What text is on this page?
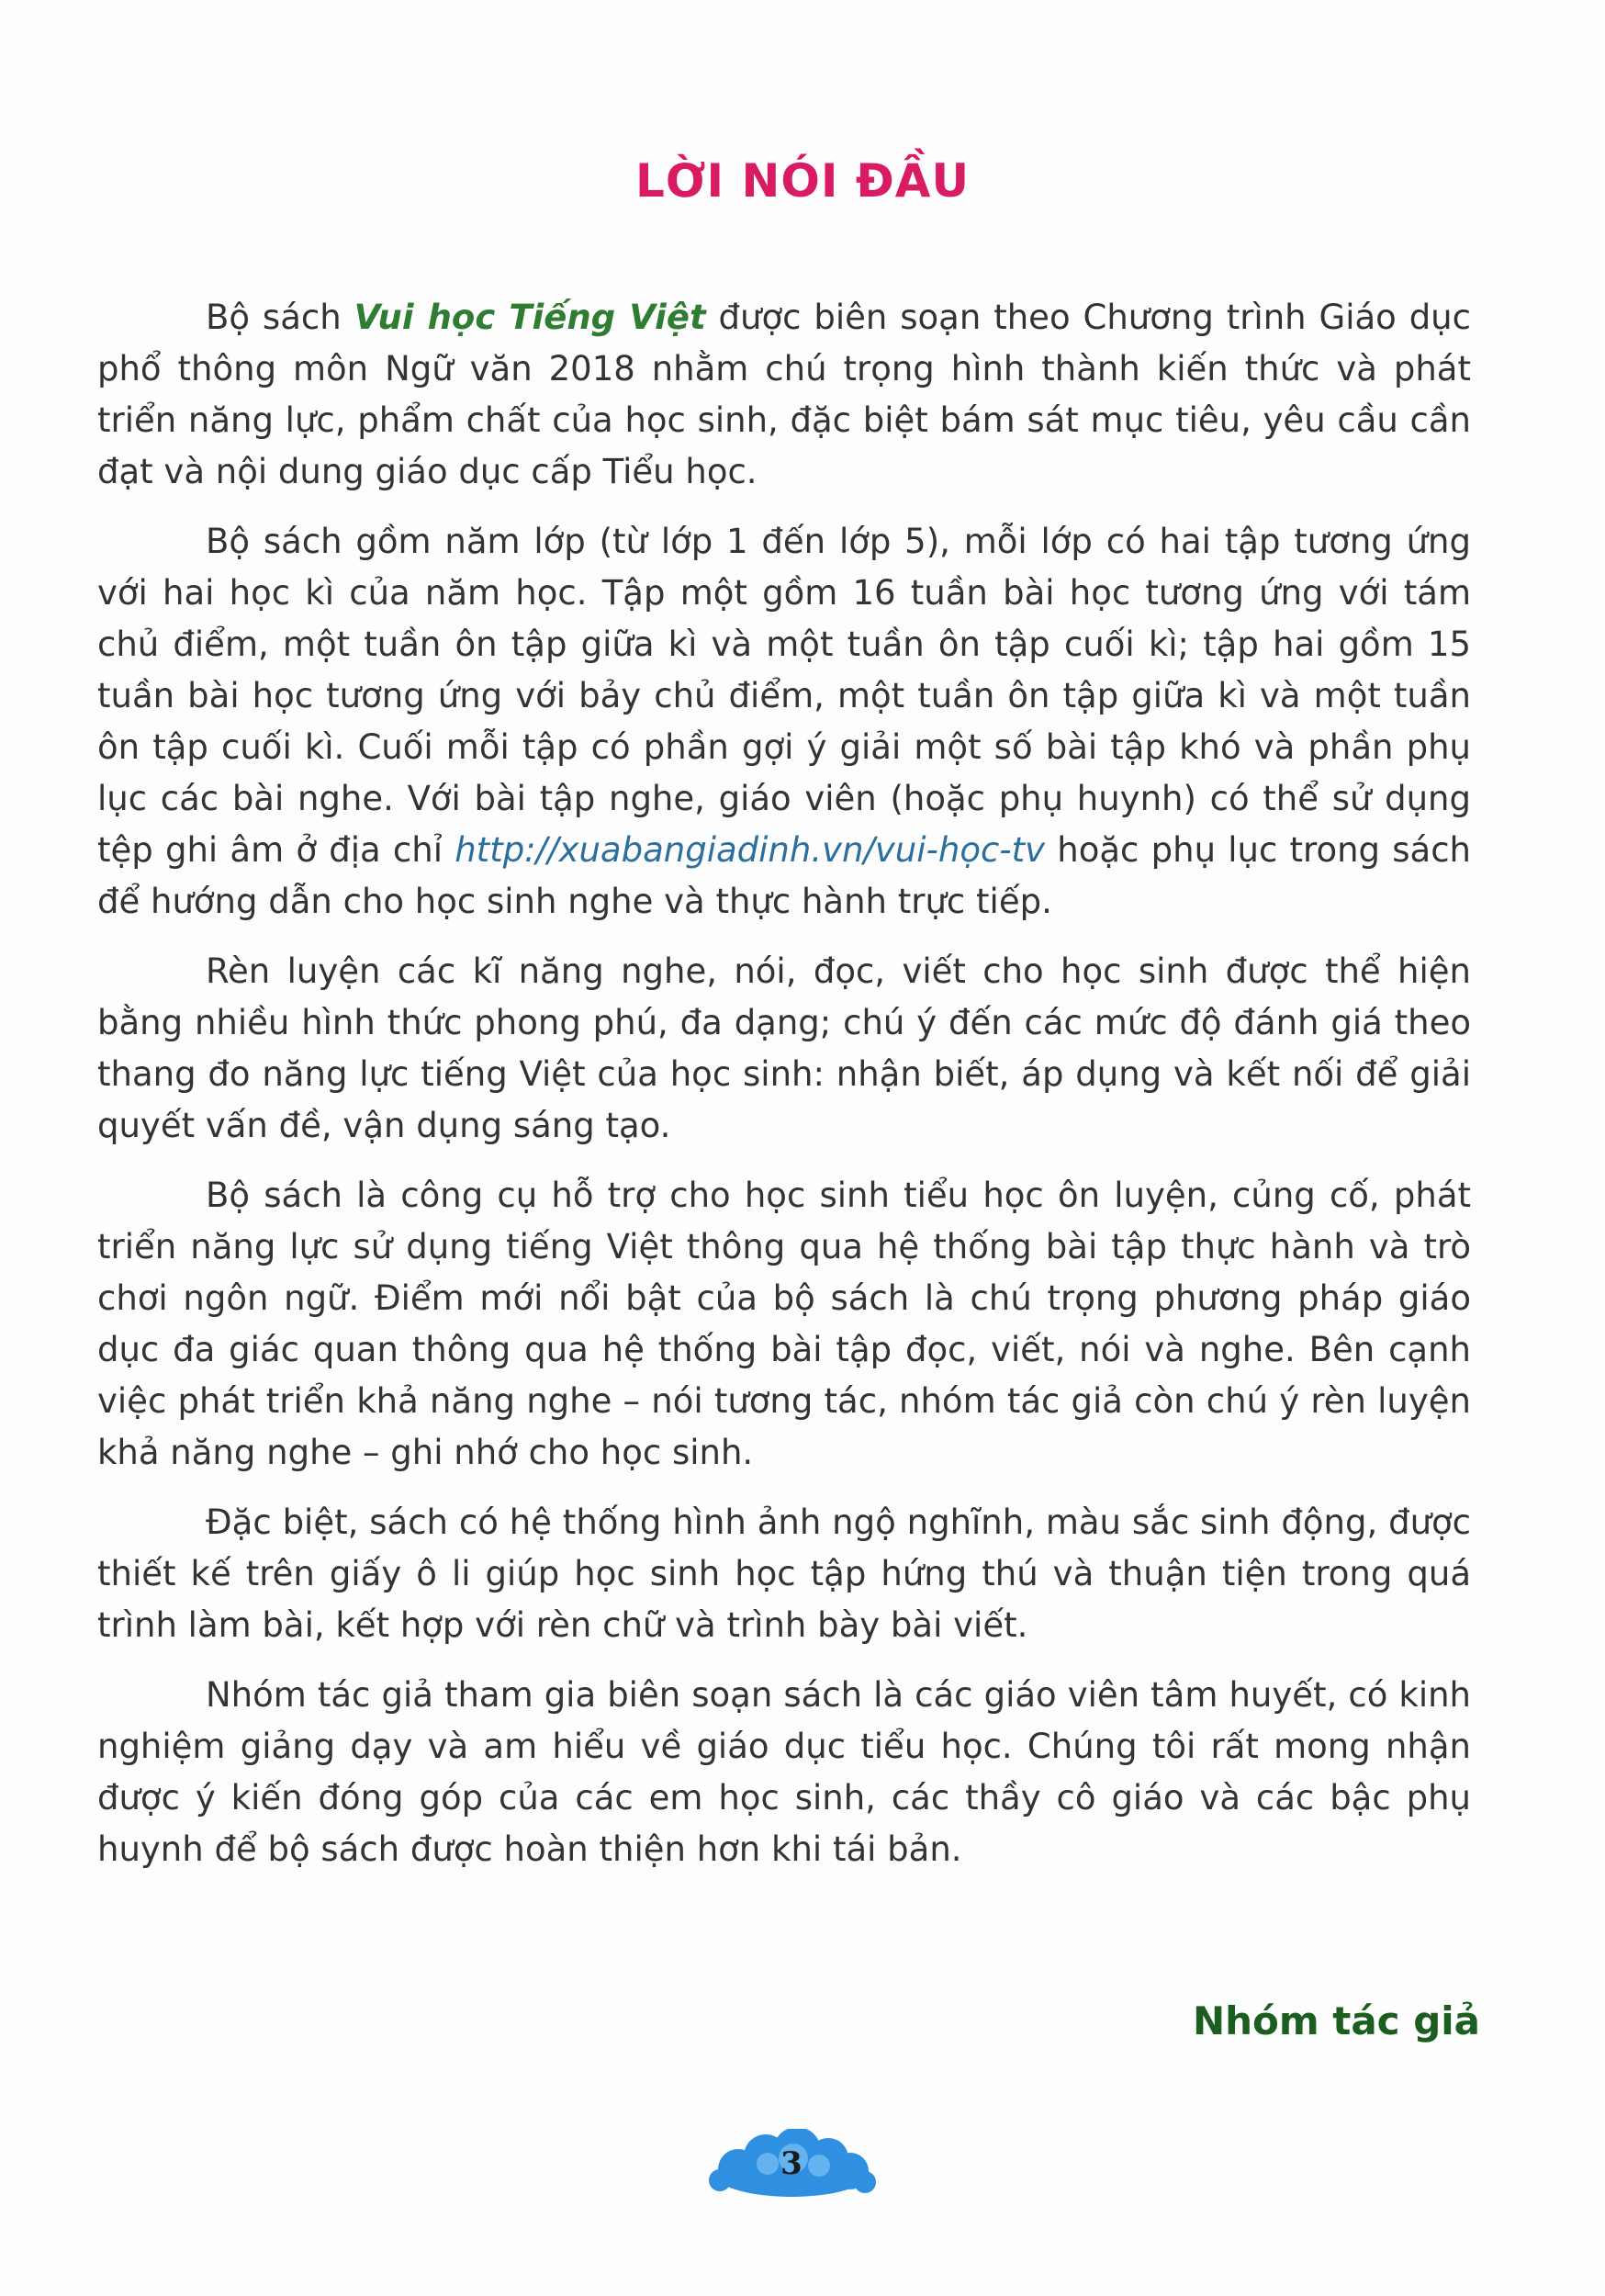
LỜI NÓI ĐẦU

Bộ sách Vui học Tiếng Việt được biên soạn theo Chương trình Giáo dục phổ thông môn Ngữ văn 2018 nhằm chú trọng hình thành kiến thức và phát triển năng lực, phẩm chất của học sinh, đặc biệt bám sát mục tiêu, yêu cầu cần đạt và nội dung giáo dục cấp Tiểu học.

Bộ sách gồm năm lớp (từ lớp 1 đến lớp 5), mỗi lớp có hai tập tương ứng với hai học kì của năm học. Tập một gồm 16 tuần bài học tương ứng với tám chủ điểm, một tuần ôn tập giữa kì và một tuần ôn tập cuối kì; tập hai gồm 15 tuần bài học tương ứng với bảy chủ điểm, một tuần ôn tập giữa kì và một tuần ôn tập cuối kì. Cuối mỗi tập có phần gợi ý giải một số bài tập khó và phần phụ lục các bài nghe. Với bài tập nghe, giáo viên (hoặc phụ huynh) có thể sử dụng tệp ghi âm ở địa chỉ http://xuabangiadinh.vn/vui-học-tv hoặc phụ lục trong sách để hướng dẫn cho học sinh nghe và thực hành trực tiếp.

Rèn luyện các kĩ năng nghe, nói, đọc, viết cho học sinh được thể hiện bằng nhiều hình thức phong phú, đa dạng; chú ý đến các mức độ đánh giá theo thang đo năng lực tiếng Việt của học sinh: nhận biết, áp dụng và kết nối để giải quyết vấn đề, vận dụng sáng tạo.

Bộ sách là công cụ hỗ trợ cho học sinh tiểu học ôn luyện, củng cố, phát triển năng lực sử dụng tiếng Việt thông qua hệ thống bài tập thực hành và trò chơi ngôn ngữ. Điểm mới nổi bật của bộ sách là chú trọng phương pháp giáo dục đa giác quan thông qua hệ thống bài tập đọc, viết, nói và nghe. Bên cạnh việc phát triển khả năng nghe – nói tương tác, nhóm tác giả còn chú ý rèn luyện khả năng nghe – ghi nhớ cho học sinh.

Đặc biệt, sách có hệ thống hình ảnh ngộ nghĩnh, màu sắc sinh động, được thiết kế trên giấy ô li giúp học sinh học tập hứng thú và thuận tiện trong quá trình làm bài, kết hợp với rèn chữ và trình bày bài viết.

Nhóm tác giả tham gia biên soạn sách là các giáo viên tâm huyết, có kinh nghiệm giảng dạy và am hiểu về giáo dục tiểu học. Chúng tôi rất mong nhận được ý kiến đóng góp của các em học sinh, các thầy cô giáo và các bậc phụ huynh để bộ sách được hoàn thiện hơn khi tái bản.

Nhóm tác giả

3
